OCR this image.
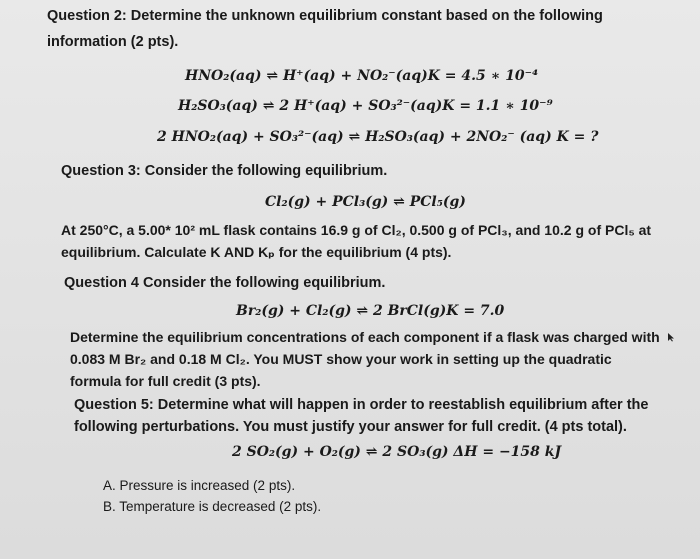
Question 2: Determine the unknown equilibrium constant based on the following
information (2 pts).
HNO₂(aq) ⇌ H⁺(aq) + NO₂⁻(aq)K = 4.5 ∗ 10⁻⁴
H₂SO₃(aq) ⇌ 2 H⁺(aq) + SO₃²⁻(aq)K = 1.1 ∗ 10⁻⁹
2 HNO₂(aq) + SO₃²⁻(aq) ⇌ H₂SO₃(aq) + 2NO₂⁻ (aq) K = ?
Question 3: Consider the following equilibrium.
Cl₂(g) + PCl₃(g) ⇌ PCl₅(g)
At 250°C, a 5.00* 10² mL flask contains 16.9 g of Cl₂, 0.500 g of PCl₃, and 10.2 g of PCl₅ at
equilibrium. Calculate K AND Kₚ for the equilibrium (4 pts).
Question 4 Consider the following equilibrium.
Br₂(g) + Cl₂(g) ⇌ 2 BrCl(g)K = 7.0
Determine the equilibrium concentrations of each component if a flask was charged with
0.083 M Br₂ and 0.18 M Cl₂. You MUST show your work in setting up the quadratic
formula for full credit (3 pts).
Question 5: Determine what will happen in order to reestablish equilibrium after the
following perturbations. You must justify your answer for full credit. (4 pts total).
2 SO₂(g) + O₂(g) ⇌ 2 SO₃(g) ΔH = −158 kJ
A. Pressure is increased (2 pts).
B. Temperature is decreased (2 pts).
